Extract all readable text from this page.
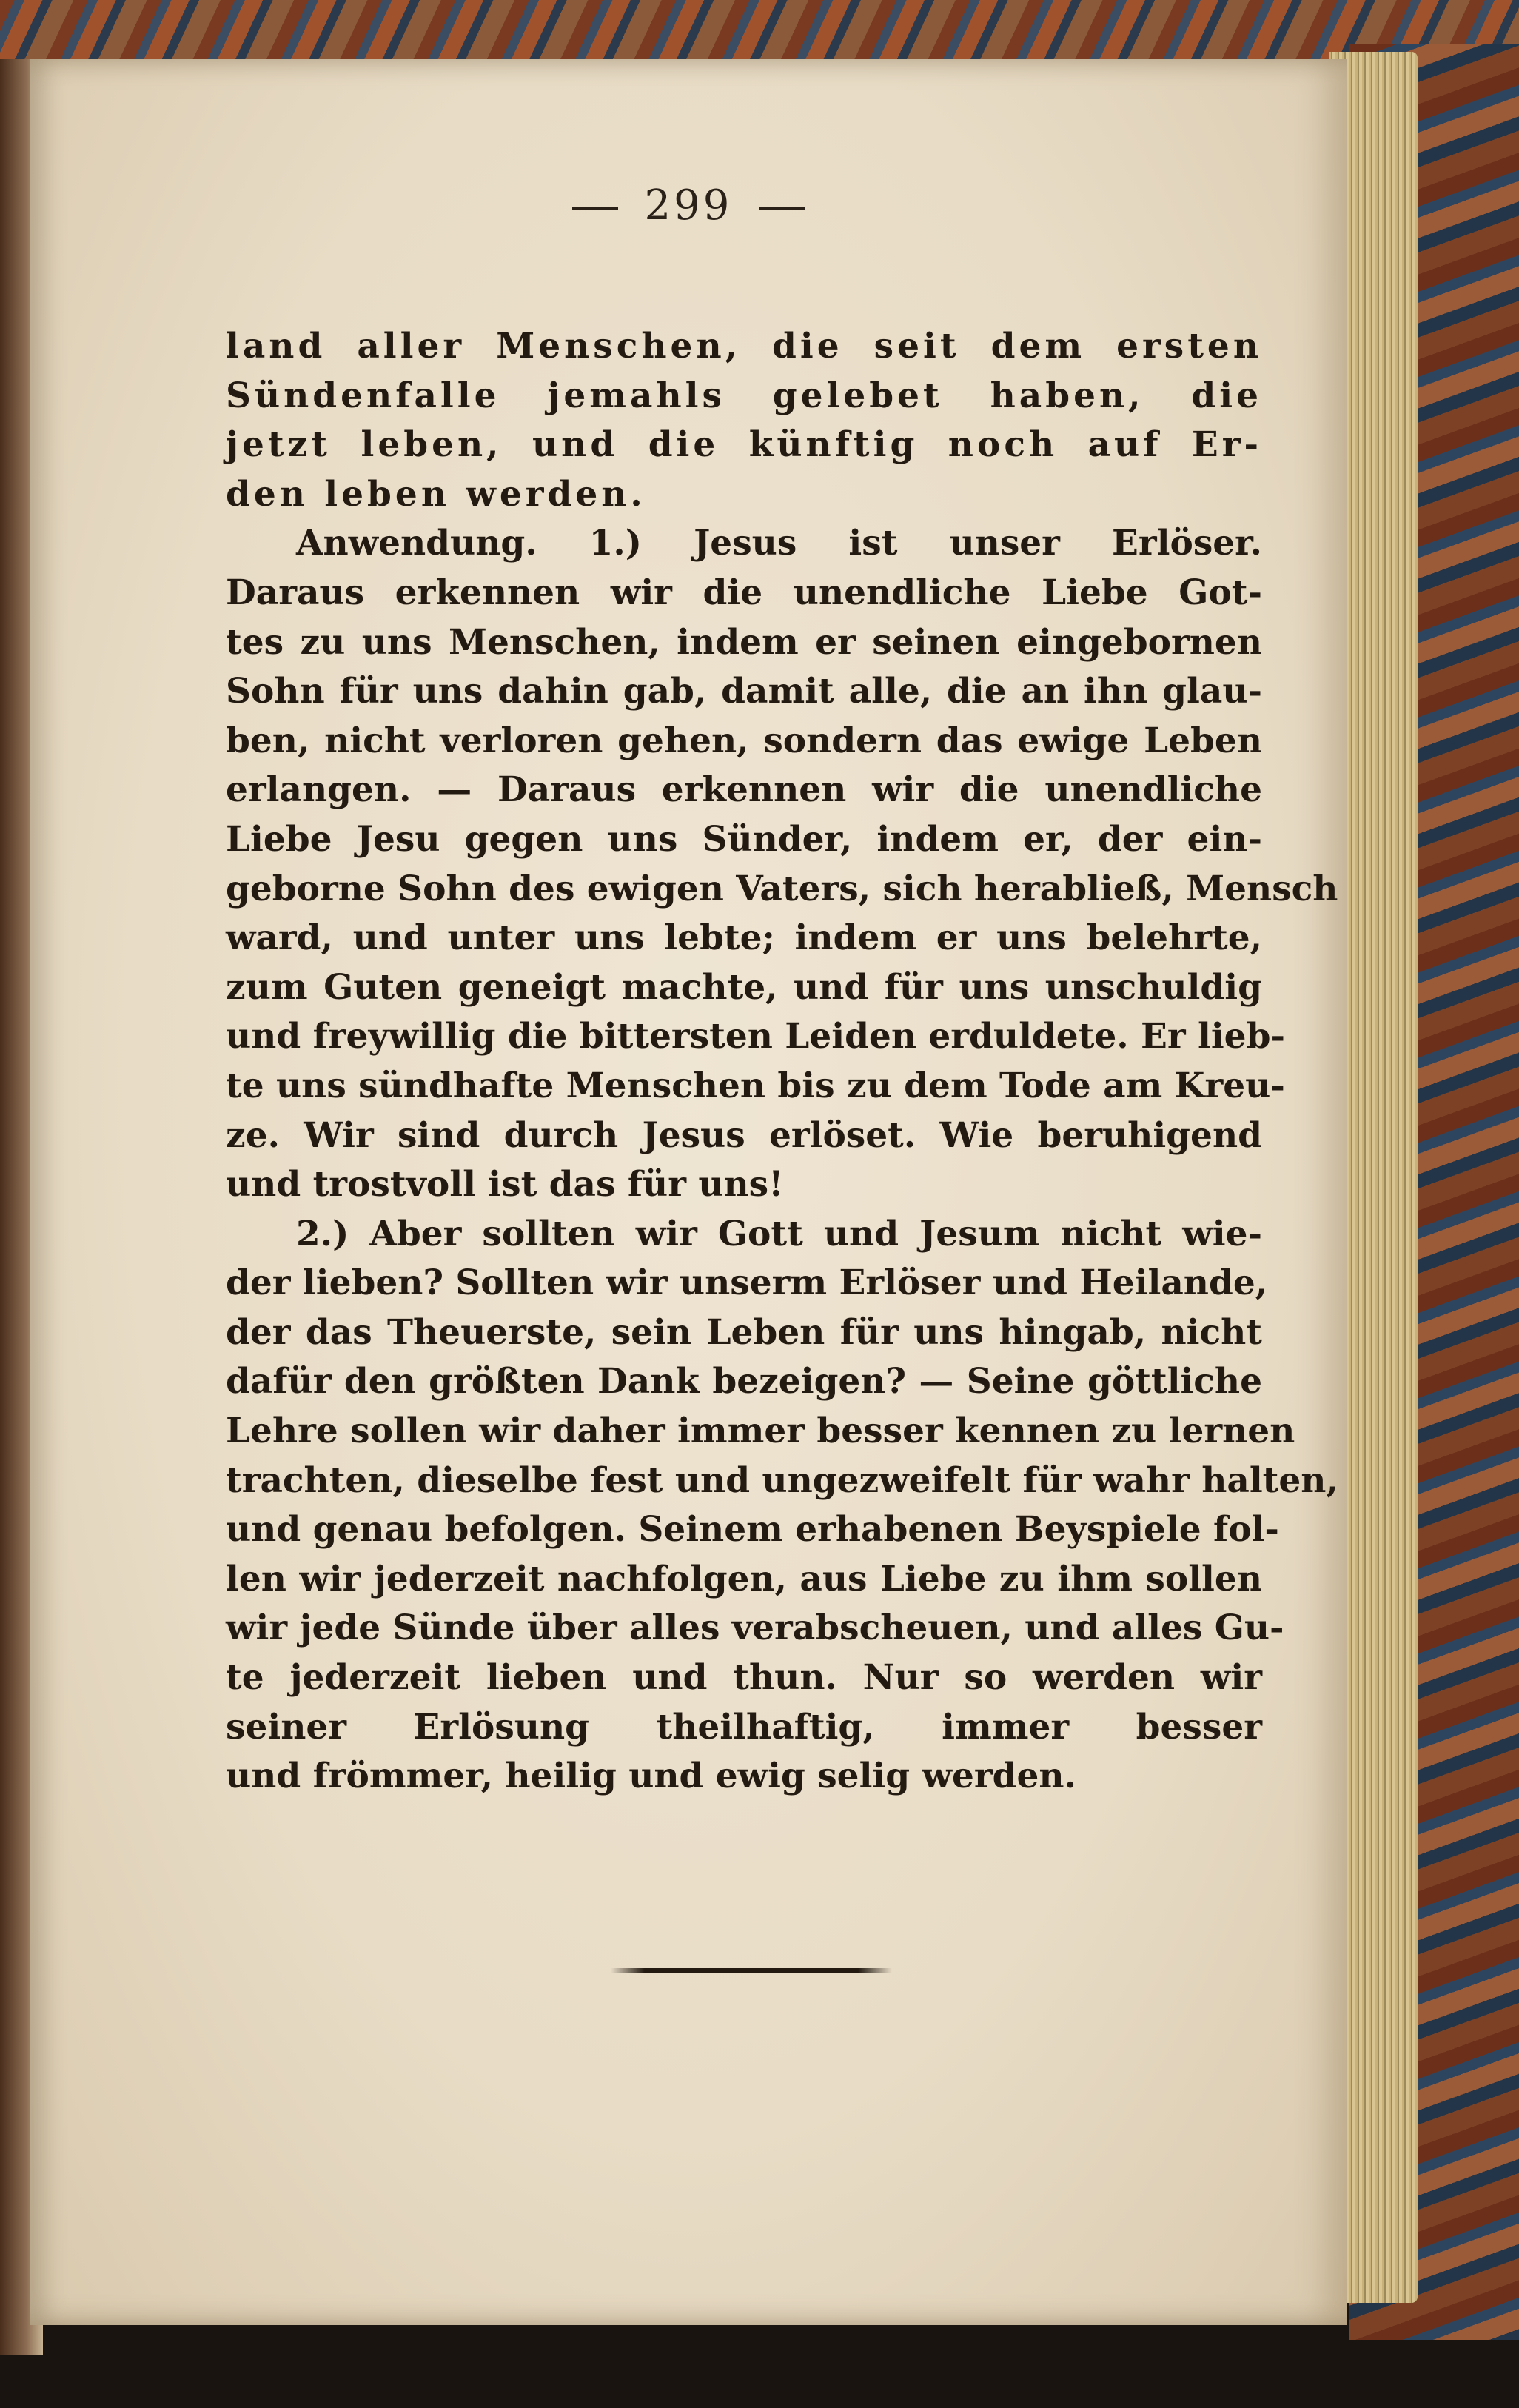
299
land aller Menschen, die seit dem ersten
Sündenfalle jemahls gelebet haben, die
jetzt leben, und die künftig noch auf Er-
den leben werden.
Anwendung. 1.) Jesus ist unser Erlöser.
Daraus erkennen wir die unendliche Liebe Got-
tes zu uns Menschen, indem er seinen eingebornen
Sohn für uns dahin gab, damit alle, die an ihn glau-
ben, nicht verloren gehen, sondern das ewige Leben
erlangen. — Daraus erkennen wir die unendliche
Liebe Jesu gegen uns Sünder, indem er, der ein-
geborne Sohn des ewigen Vaters, sich herabließ, Mensch
ward, und unter uns lebte; indem er uns belehrte,
zum Guten geneigt machte, und für uns unschuldig
und freywillig die bittersten Leiden erduldete. Er lieb-
te uns sündhafte Menschen bis zu dem Tode am Kreu-
ze. Wir sind durch Jesus erlöset. Wie beruhigend
und trostvoll ist das für uns!
2.) Aber sollten wir Gott und Jesum nicht wie-
der lieben? Sollten wir unserm Erlöser und Heilande,
der das Theuerste, sein Leben für uns hingab, nicht
dafür den größten Dank bezeigen? — Seine göttliche
Lehre sollen wir daher immer besser kennen zu lernen
trachten, dieselbe fest und ungezweifelt für wahr halten,
und genau befolgen. Seinem erhabenen Beyspiele fol-
len wir jederzeit nachfolgen, aus Liebe zu ihm sollen
wir jede Sünde über alles verabscheuen, und alles Gu-
te jederzeit lieben und thun. Nur so werden wir
seiner Erlösung theilhaftig, immer besser
und frömmer, heilig und ewig selig werden.
